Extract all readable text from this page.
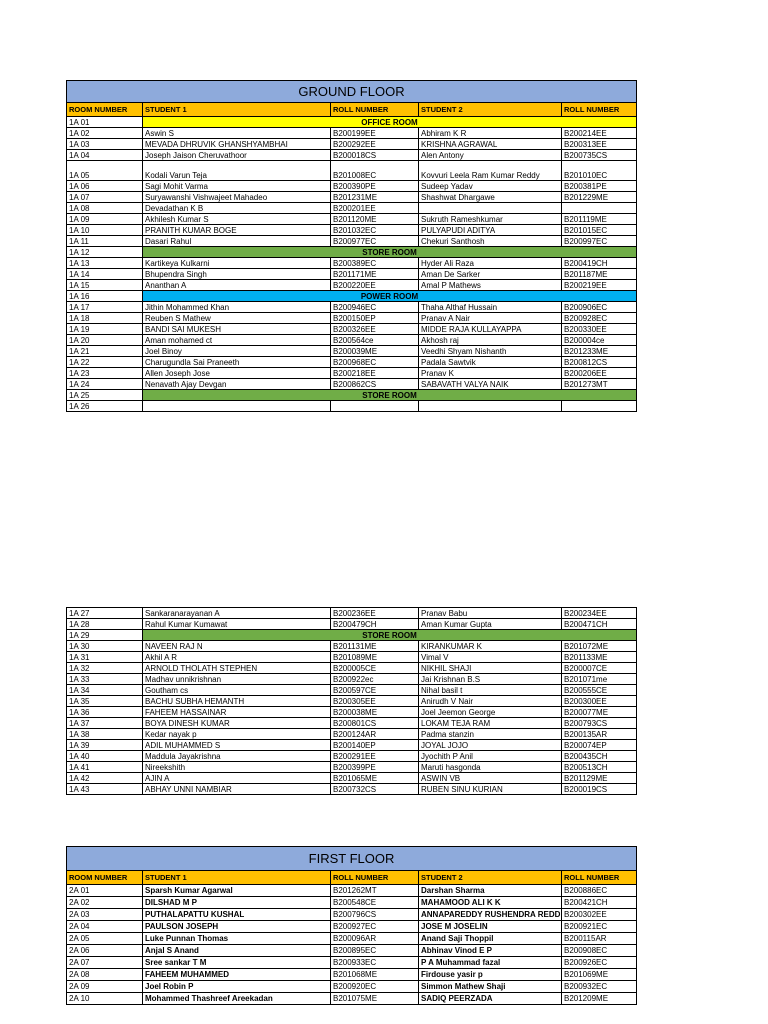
GROUND FLOOR				
ROOM NUMBER	STUDENT 1	ROLL NUMBER	STUDENT 2	ROLL NUMBER
1A 01	OFFICE ROOM			
1A 02	Aswin S	B200199EE	Abhiram K R	B200214EE
1A 03	MEVADA DHRUVIK GHANSHYAMBHAI	B200292EE	KRISHNA AGRAWAL	B200313EE
1A 04	Joseph Jaison Cheruvathoor	B200018CS	Alen Antony	B200735CS
1A 05	Kodali Varun Teja	B201008EC	Kovvuri Leela Ram Kumar Reddy	B201010EC
1A 06	Sagi Mohit Varma	B200390PE	Sudeep Yadav	B200381PE
1A 07	Suryawanshi Vishwajeet Mahadeo	B201231ME	Shashwat Dhargawe	B201229ME
1A 08	Devadathan K B	B200201EE		
1A 09	Akhilesh Kumar S	B201120ME	Sukruth Rameshkumar	B201119ME
1A 10	PRANITH KUMAR BOGE	B201032EC	PULYAPUDI ADITYA	B201015EC
1A 11	Dasari Rahul	B200977EC	Chekuri Santhosh	B200997EC
1A 12	STORE ROOM			
1A 13	Kartikeya Kulkarni	B200389EC	Hyder Ali Raza	B200419CH
1A 14	Bhupendra Singh	B201171ME	Aman De Sarker	B201187ME
1A 15	Ananthan A	B200220EE	Amal P Mathews	B200219EE
1A 16	POWER ROOM			
1A 17	Jithin Mohammed Khan	B200946EC	Thaha Althaf Hussain	B200906EC
1A 18	Reuben S Mathew	B200150EP	Pranav A Nair	B200928EC
1A 19	BANDI SAI MUKESH	B200326EE	MIDDE RAJA KULLAYAPPA	B200330EE
1A 20	Aman mohamed ct	B200564ce	Akhosh raj	B200004ce
1A 21	Joel Binoy	B200039ME	Veedhi Shyam Nishanth	B201233ME
1A 22	Charugundla Sai Praneeth	B200968EC	Padala Sawtvik	B200812CS
1A 23	Allen Joseph Jose	B200218EE	Pranav K	B200206EE
1A 24	Nenavath Ajay Devgan	B200862CS	SABAVATH VALYA NAIK	B201273MT
1A 25	STORE ROOM			
1A 26				
1A 27	Sankaranarayanan A	B200236EE	Pranav Babu	B200234EE
1A 28	Rahul Kumar Kumawat	B200479CH	Aman Kumar Gupta	B200471CH
1A 29	STORE ROOM			
1A 30	NAVEEN RAJ N	B201131ME	KIRANKUMAR K	B201072ME
1A 31	Akhil A R	B201089ME	Vimal V	B201133ME
1A 32	ARNOLD THOLATH STEPHEN	B200005CE	NIKHIL SHAJI	B200007CE
1A 33	Madhav unnikrishnan	B200922ec	Jai Krishnan B.S	B201071me
1A 34	Goutham cs	B200597CE	Nihal basil t	B200555CE
1A 35	BACHU SUBHA HEMANTH	B200305EE	Anirudh V Nair	B200300EE
1A 36	FAHEEM HASSAINAR	B200038ME	Joel Jeemon George	B200077ME
1A 37	BOYA DINESH KUMAR	B200801CS	LOKAM TEJA RAM	B200793CS
1A 38	Kedar nayak p	B200124AR	Padma stanzin	B200135AR
1A 39	ADIL MUHAMMED S	B200140EP	JOYAL JOJO	B200074EP
1A 40	Maddula Jayakrishna	B200291EE	Jyochith P Anil	B200435CH
1A 41	Nireekshith	B200399PE	Maruti hasgonda	B200513CH
1A 42	AJIN A	B201065ME	ASWIN VB	B201129ME
1A 43	ABHAY UNNI NAMBIAR	B200732CS	RUBEN SINU KURIAN	B200019CS
FIRST FLOOR				
ROOM NUMBER	STUDENT 1	ROLL NUMBER	STUDENT 2	ROLL NUMBER
2A 01	Sparsh Kumar Agarwal	B201262MT	Darshan Sharma	B200886EC
2A 02	DILSHAD M P	B200548CE	MAHAMOOD ALI K K	B200421CH
2A 03	PUTHALAPATTU KUSHAL	B200796CS	ANNAPAREDDY RUSHENDRA REDD	B200302EE
2A 04	PAULSON JOSEPH	B200927EC	JOSE M JOSELIN	B200921EC
2A 05	Luke Punnan Thomas	B200096AR	Anand Saji Thoppil	B200115AR
2A 06	Anjal S Anand	B200895EC	Abhinav Vinod E P	B200908EC
2A 07	Sree sankar T M	B200933EC	P A Muhammad fazal	B200926EC
2A 08	FAHEEM MUHAMMED	B201068ME	Firdouse yasir p	B201069ME
2A 09	Joel Robin P	B200920EC	Simmon Mathew Shaji	B200932EC
2A 10	Mohammed Thashreef Areekadan	B201075ME	SADIQ PEERZADA	B201209ME
